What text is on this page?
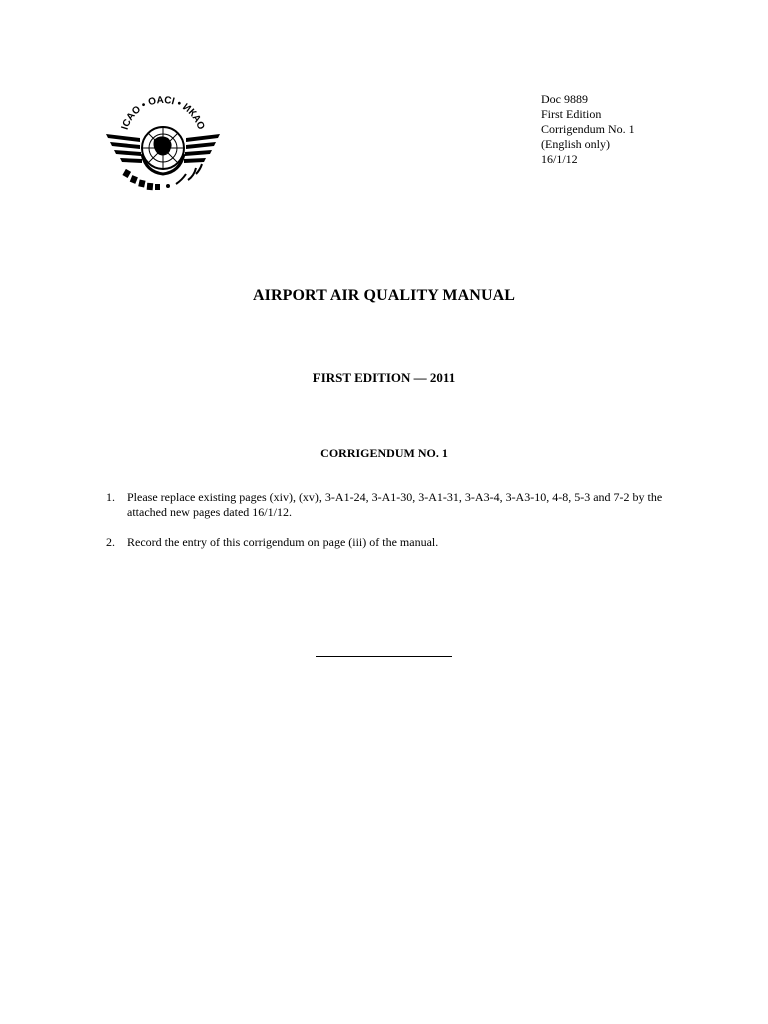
ICAO • OACI • ИКАО
Doc 9889
First Edition
Corrigendum No. 1
(English only)
16/1/12
AIRPORT AIR QUALITY MANUAL
FIRST EDITION — 2011
CORRIGENDUM NO. 1
1. Please replace existing pages (xiv), (xv), 3-A1-24, 3-A1-30, 3-A1-31, 3-A3-4, 3-A3-10, 4-8, 5-3 and 7-2 by the attached new pages dated 16/1/12.
2. Record the entry of this corrigendum on page (iii) of the manual.
